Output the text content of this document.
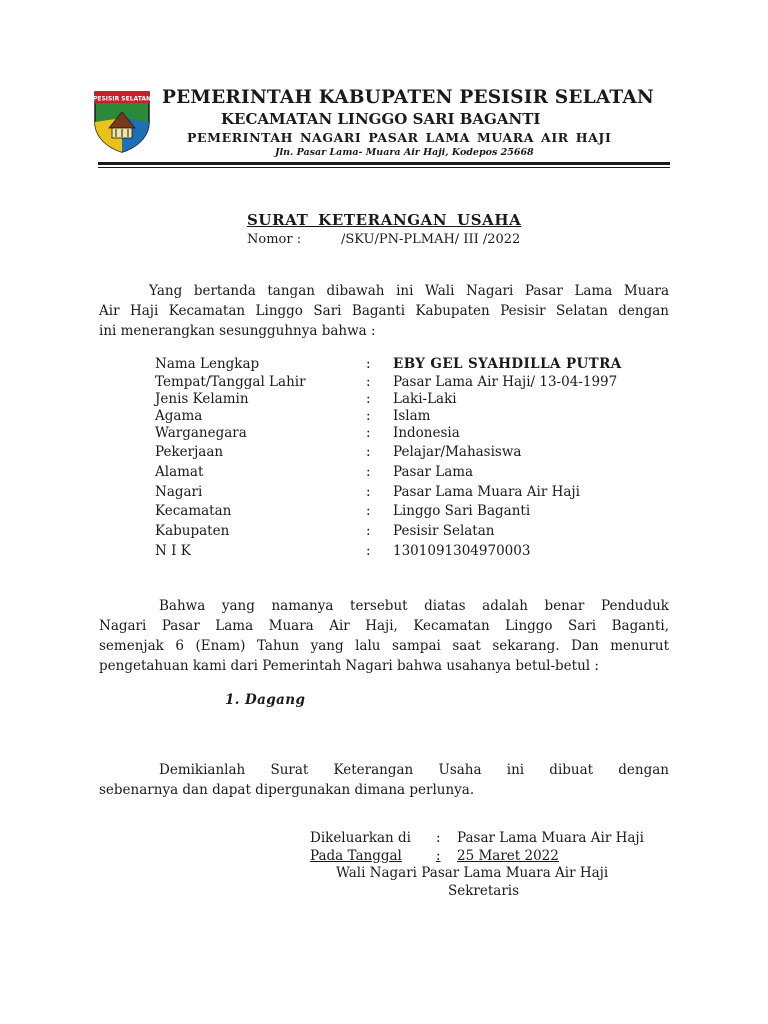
PESISIR SELATAN PEMERINTAH KABUPATEN PESISIR SELATAN
KECAMATAN LINGGO SARI BAGANTI
PEMERINTAH NAGARI PASAR LAMA MUARA AIR HAJI
Jln. Pasar Lama- Muara Air Haji, Kodepos 25668
SURAT KETERANGAN USAHA
Nomor :	/SKU/PN-PLMAH/ III /2022
Yang bertanda tangan dibawah ini Wali Nagari Pasar Lama Muara
Air Haji Kecamatan Linggo Sari Baganti Kabupaten Pesisir Selatan dengan
ini menerangkan sesungguhnya bahwa :
Nama Lengkap	: EBY GEL SYAHDILLA PUTRA
Tempat/Tanggal Lahir	: Pasar Lama Air Haji/ 13-04-1997
Jenis Kelamin	: Laki-Laki
Agama	: Islam
Warganegara	: Indonesia
Pekerjaan	: Pelajar/Mahasiswa
Alamat	: Pasar Lama
Nagari	: Pasar Lama Muara Air Haji
Kecamatan	: Linggo Sari Baganti
Kabupaten	: Pesisir Selatan
N I K	: 1301091304970003
Bahwa yang namanya tersebut diatas adalah benar Penduduk
Nagari Pasar Lama Muara Air Haji, Kecamatan Linggo Sari Baganti,
semenjak 6 (Enam) Tahun yang lalu sampai saat sekarang. Dan menurut
pengetahuan kami dari Pemerintah Nagari bahwa usahanya betul-betul :
1. Dagang
Demikianlah Surat Keterangan Usaha ini dibuat dengan
sebenarnya dan dapat dipergunakan dimana perlunya.
Dikeluarkan di : Pasar Lama Muara Air Haji
Pada Tanggal	: 25 Maret 2022
Wali Nagari Pasar Lama Muara Air Haji
Sekretaris
